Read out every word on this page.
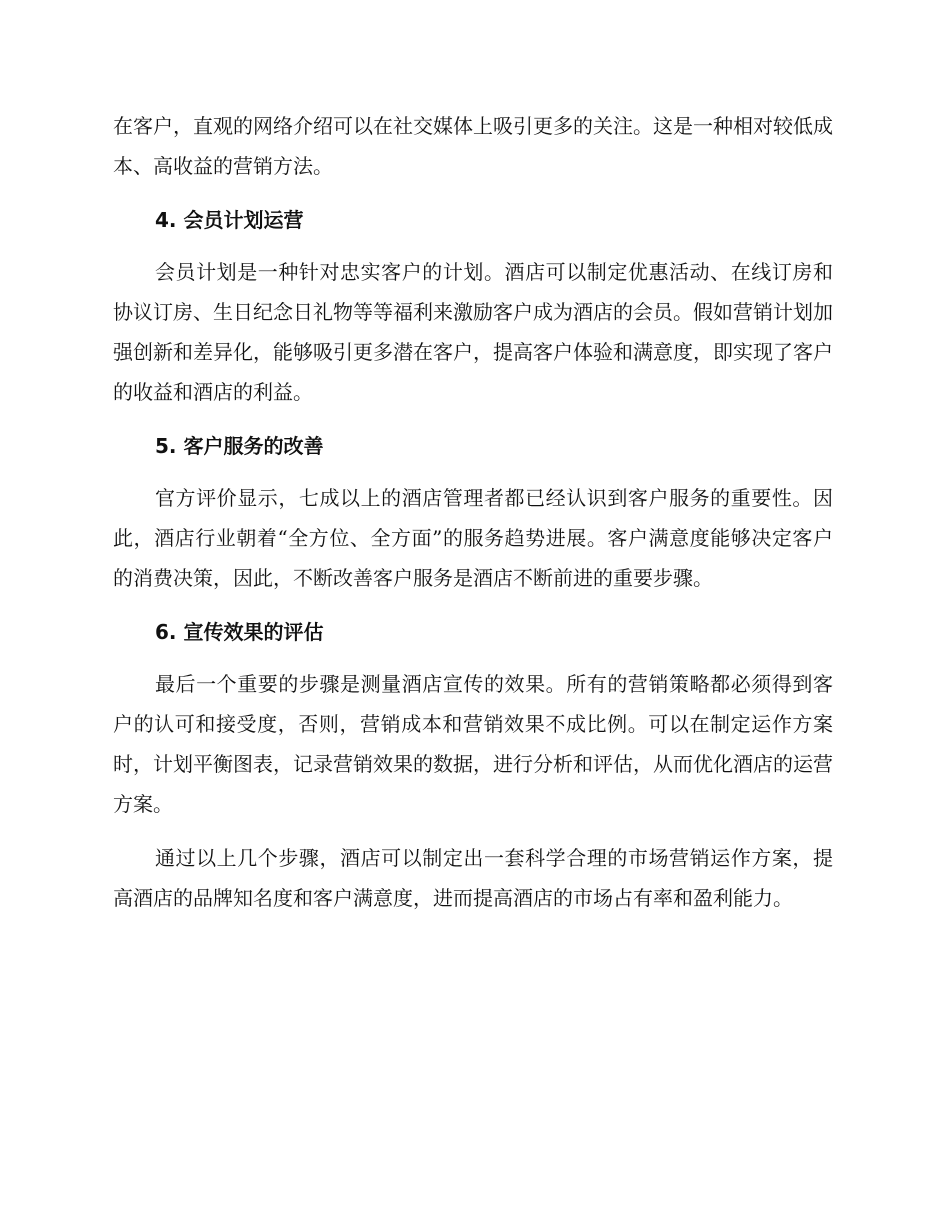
在客户，直观的网络介绍可以在社交媒体上吸引更多的关注。这是一种相对较低成本、高收益的营销方法。

4. 会员计划运营

会员计划是一种针对忠实客户的计划。酒店可以制定优惠活动、在线订房和协议订房、生日纪念日礼物等等福利来激励客户成为酒店的会员。假如营销计划加强创新和差异化，能够吸引更多潜在客户，提高客户体验和满意度，即实现了客户的收益和酒店的利益。

5. 客户服务的改善

官方评价显示，七成以上的酒店管理者都已经认识到客户服务的重要性。因此，酒店行业朝着“全方位、全方面”的服务趋势进展。客户满意度能够决定客户的消费决策，因此，不断改善客户服务是酒店不断前进的重要步骤。

6. 宣传效果的评估

最后一个重要的步骤是测量酒店宣传的效果。所有的营销策略都必须得到客户的认可和接受度，否则，营销成本和营销效果不成比例。可以在制定运作方案时，计划平衡图表，记录营销效果的数据，进行分析和评估，从而优化酒店的运营方案。

通过以上几个步骤，酒店可以制定出一套科学合理的市场营销运作方案，提高酒店的品牌知名度和客户满意度，进而提高酒店的市场占有率和盈利能力。
